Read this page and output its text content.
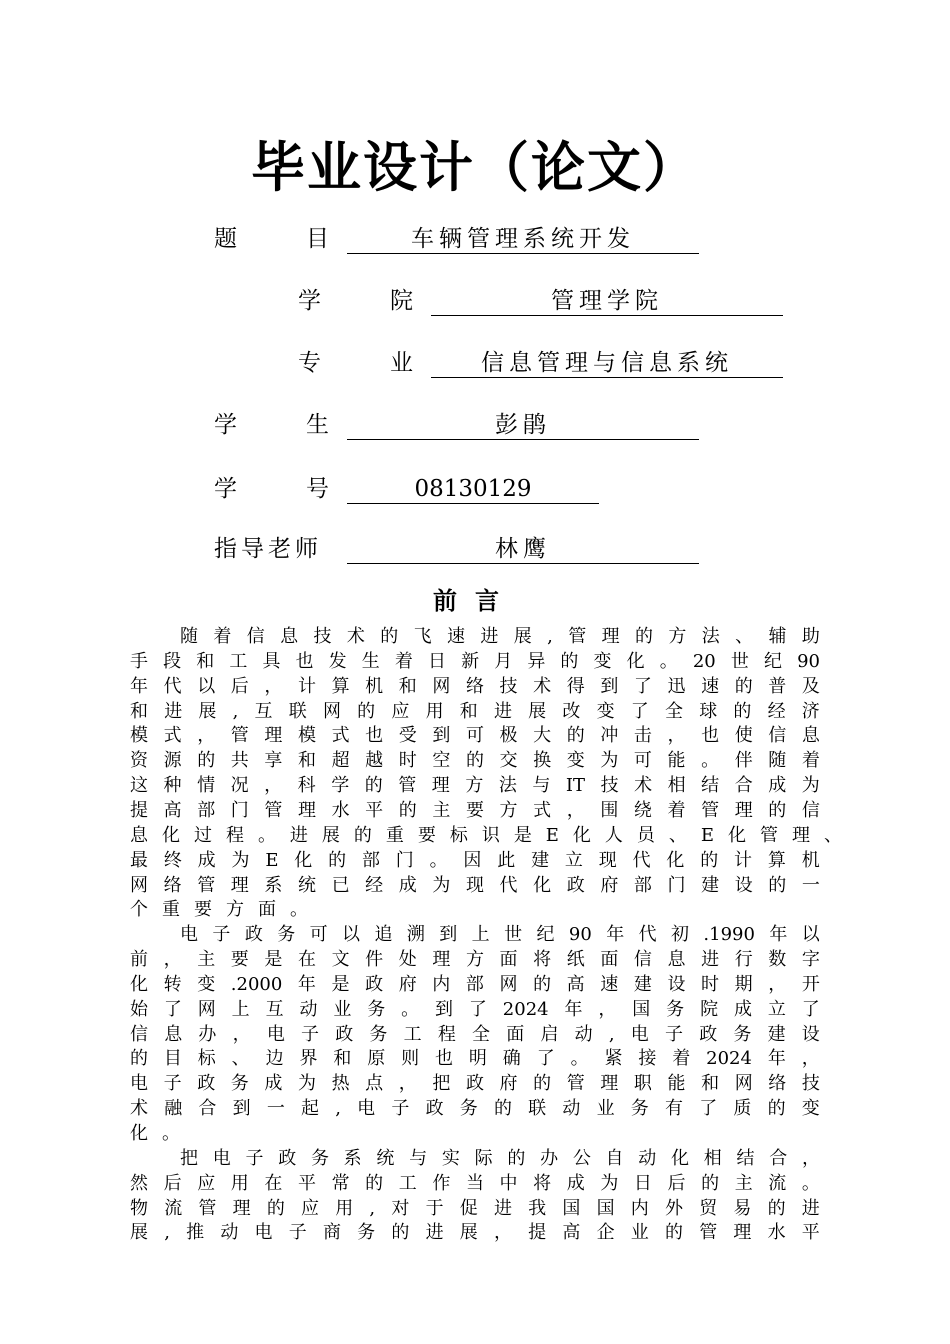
毕业设计（论文）
题　　　目	车辆管理系统开发
学　　　院	管理学院
专　　　业	信息管理与信息系统
学　　　生	彭鹃
学　　　号	08130129
指导老师	林鹰
前言
随 着 信 息 技 术 的 飞 速 进 展 , 管 理 的 方 法 、 辅 助
手 段 和 工 具 也 发 生 着 日 新 月 异 的 变 化 。 20 世 纪 90
年 代 以 后 ， 计 算 机 和 网 络 技 术 得 到 了 迅 速 的 普 及
和 进 展 , 互 联 网 的 应 用 和 进 展 改 变 了 全 球 的 经 济
模 式 ， 管 理 模 式 也 受 到 可 极 大 的 冲 击 ， 也 使 信 息
资 源 的 共 享 和 超 越 时 空 的 交 换 变 为 可 能 。 伴 随 着
这 种 情 况 ， 科 学 的 管 理 方 法 与 IT 技 术 相 结 合 成 为
提 高 部 门 管 理 水 平 的 主 要 方 式 ， 围 绕 着 管 理 的 信
息 化 过 程 。 进 展 的 重 要 标 识 是 E 化 人 员 、 E 化 管 理 、
最 终 成 为 E 化 的 部 门 。 因 此 建 立 现 代 化 的 计 算 机
网 络 管 理 系 统 已 经 成 为 现 代 化 政 府 部 门 建 设 的 一
个 重 要 方 面 。
电 子 政 务 可 以 追 溯 到 上 世 纪 90 年 代 初 .1990 年 以
前 ， 主 要 是 在 文 件 处 理 方 面 将 纸 面 信 息 进 行 数 字
化 转 变 .2000 年 是 政 府 内 部 网 的 高 速 建 设 时 期 ， 开
始 了 网 上 互 动 业 务 。 到 了 2024 年 ， 国 务 院 成 立 了
信 息 办 ， 电 子 政 务 工 程 全 面 启 动 , 电 子 政 务 建 设
的 目 标 、 边 界 和 原 则 也 明 确 了 。 紧 接 着 2024 年 ，
电 子 政 务 成 为 热 点 ， 把 政 府 的 管 理 职 能 和 网 络 技
术 融 合 到 一 起 , 电 子 政 务 的 联 动 业 务 有 了 质 的 变
化 。
把 电 子 政 务 系 统 与 实 际 的 办 公 自 动 化 相 结 合 ，
然 后 应 用 在 平 常 的 工 作 当 中 将 成 为 日 后 的 主 流 。
物 流 管 理 的 应 用 , 对 于 促 进 我 国 国 内 外 贸 易 的 进
展 , 推 动 电 子 商 务 的 进 展 ， 提 高 企 业 的 管 理 水 平
